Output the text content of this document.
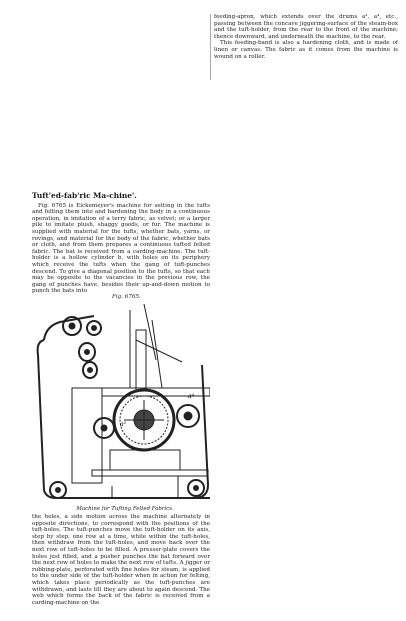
feeding-apron, which extends over the drums a³, a⁴, etc., passing between the concave jiggering-surface of the steam-box and the tuft-holder, from the rear to the front of the machine; thence downward, and underneath the machine, to the rear.

This feeding-band is also a hardening cloth, and is made of linen or canvas. The fabric as it comes from the machine is wound on a roller.

Tuft'ed-fab'ric Ma-chine'.

Fig. 6765 is Eickemeyer's machine for setting in the tufts and felting them into and hardening the body in a continuous operation, in imitation of a terry fabric, as velvet; or a larger pile to imitate plush, shaggy goods, or fur. The machine is supplied with material for the tufts, whether bats, yarns, or rovings, and material for the body of the fabric, whether bats or cloth, and from them prepares a continuous tufted felted fabric. The bat is received from a carding-machine. The tuft-holder is a hollow cylinder b, with holes on its periphery which receive the tufts when the gang of tuft-punches descend. To give a diagonal position to the tufts, so that each may be opposite to the vacancies in the previous row, the gang of punches have, besides their up-and-down motion to punch the bats into

Fig. 6765.
a⁴
a²
Machine for Tufting Felted Fabrics.

the holes, a side motion across the machine alternately in opposite directions, to correspond with the positions of the tuft-holes. The tuft-punches move the tuft-holder on its axis, step by step, one row at a time, while within the tuft-holes, then withdraw from the tuft-holes, and move back over the next row of tuft-holes to be filled. A presser-plate covers the holes just filled, and a pusher punches the bat forward over the next row of holes to make the next row of tufts. A jigger or rubbing-plate, perforated with fine holes for steam, is applied to the under side of the tuft-holder when in action for felting, which takes place periodically as the tuft-punches are withdrawn, and lasts till they are about to again descend. The web which forms the back of the fabric is received from a carding-machine on the
